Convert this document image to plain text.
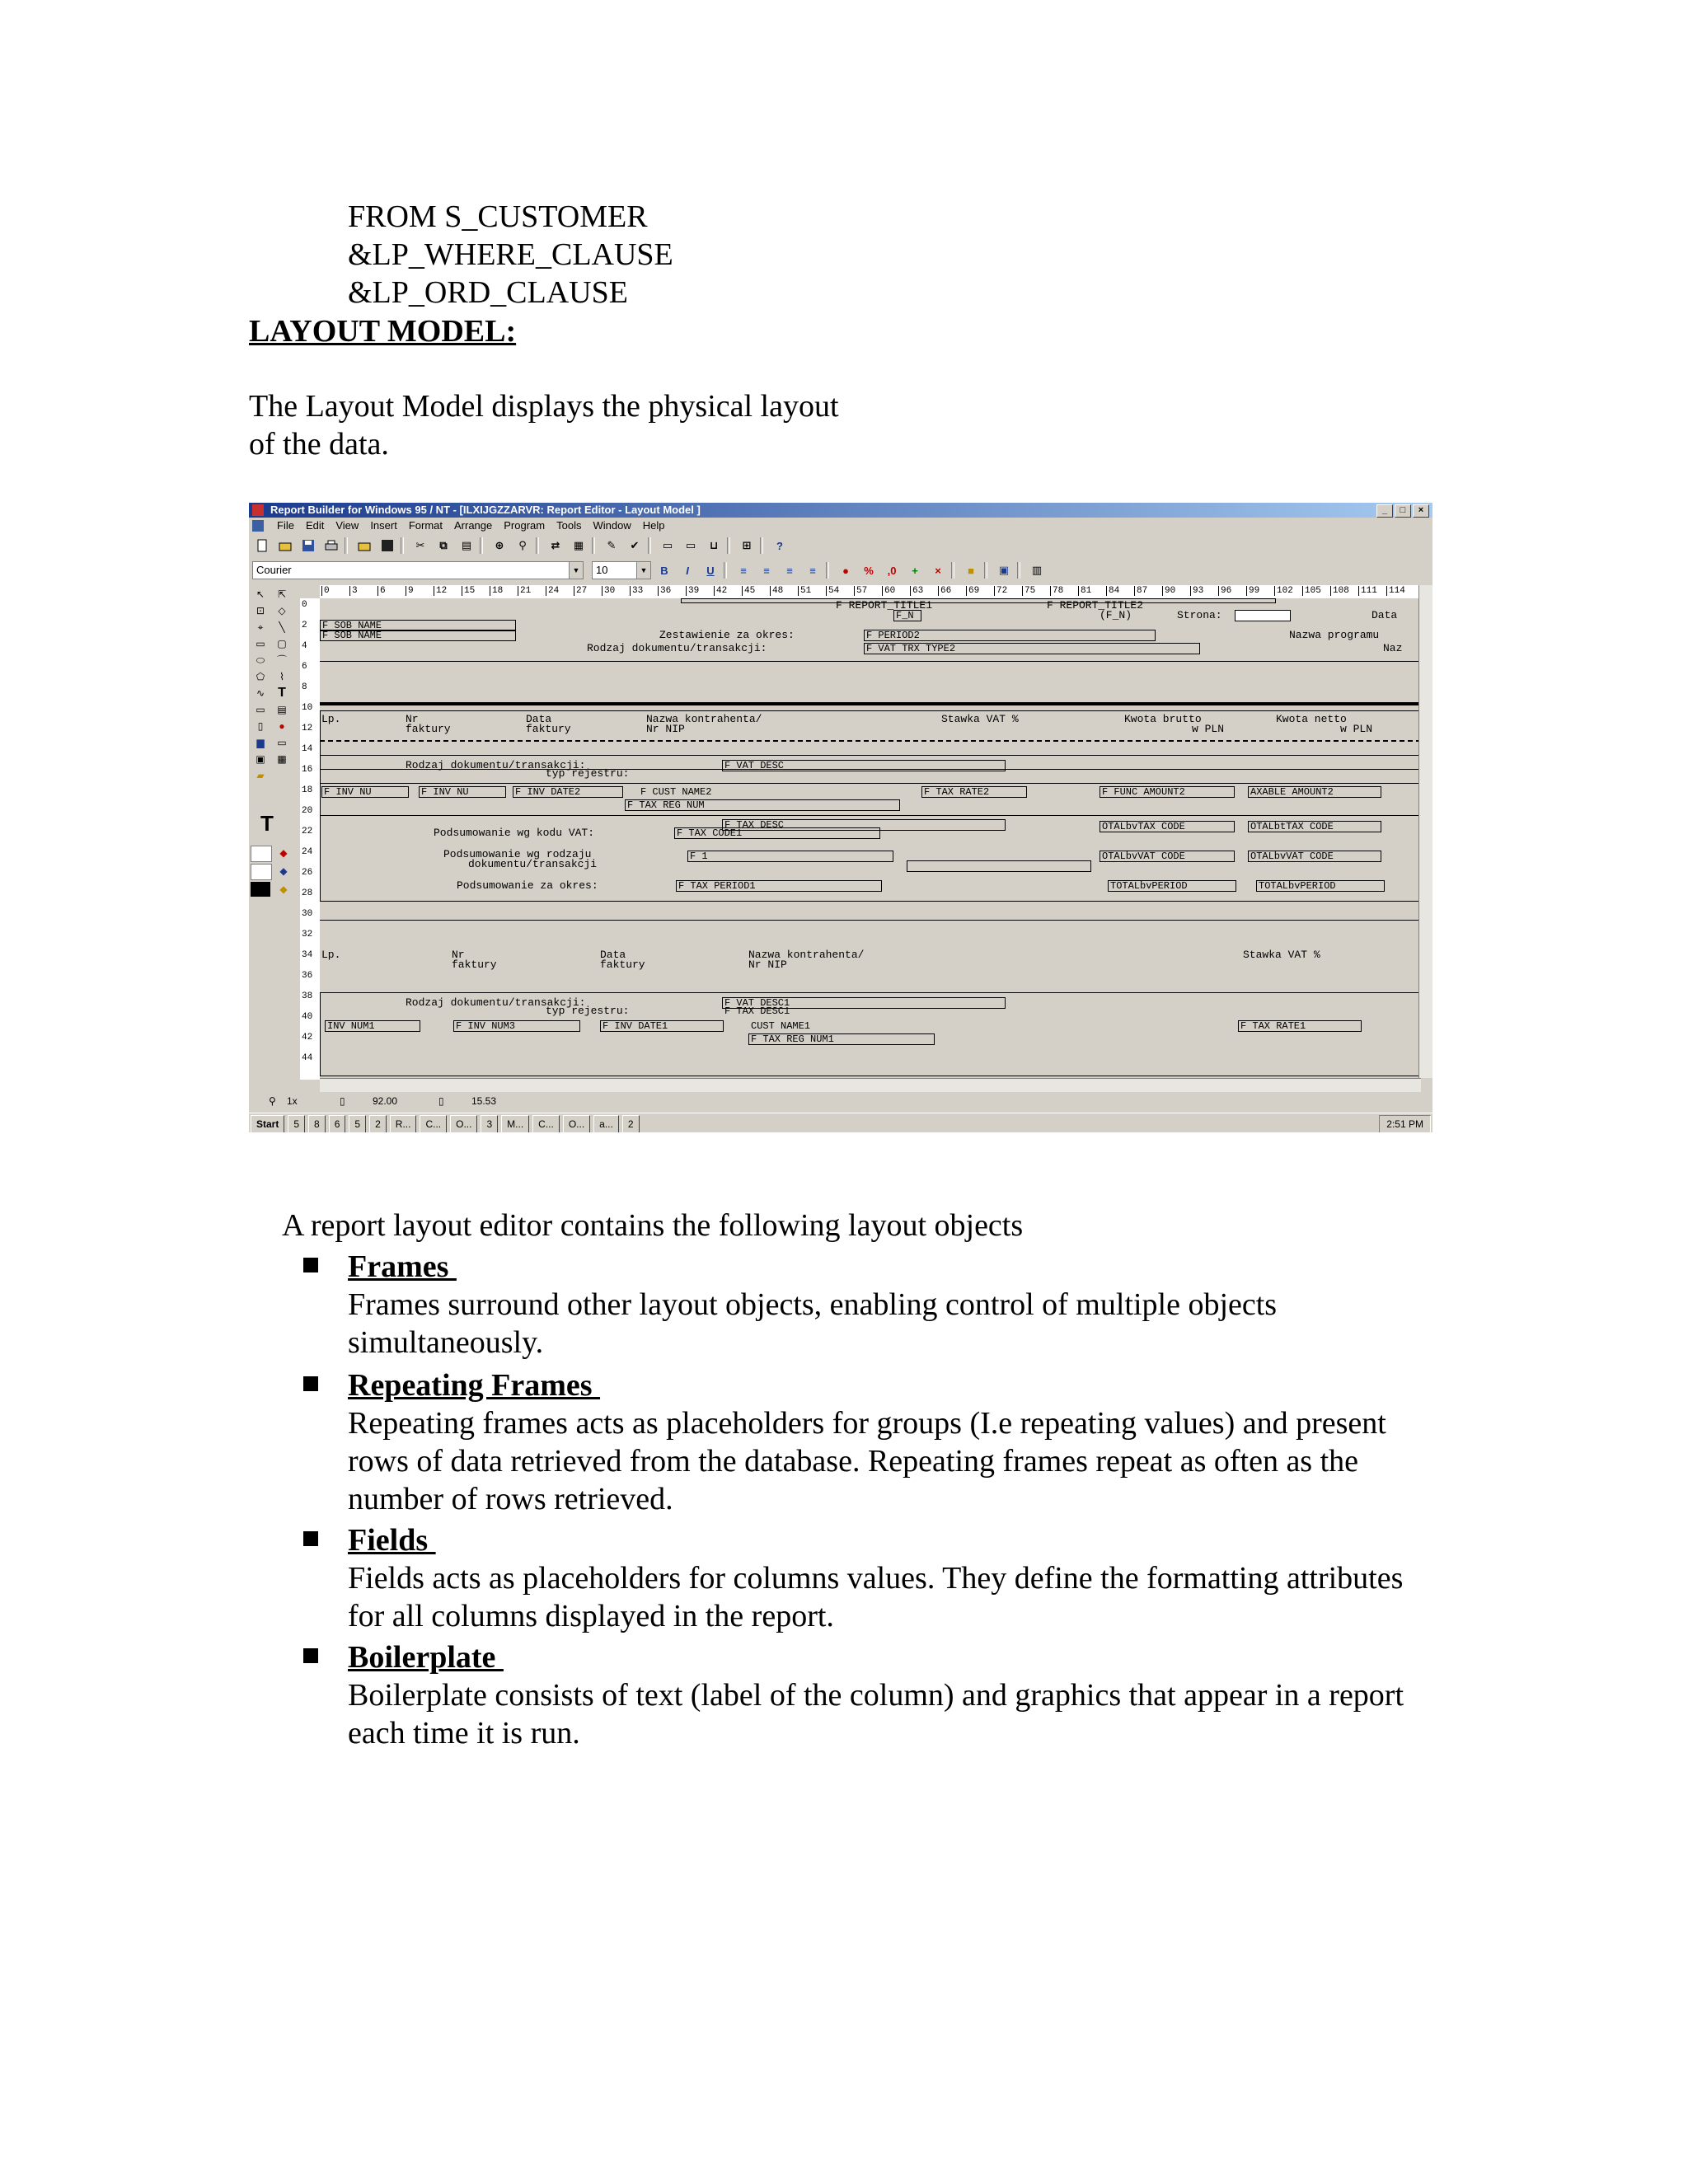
FROM S_CUSTOMER
&LP_WHERE_CLAUSE
&LP_ORD_CLAUSE
LAYOUT MODEL:
The Layout Model displays the physical layout
of the data.
Report Builder for Windows 95 / NT - [ILXIJGZZARVR: Report Editor - Layout Model ]	_	□	×
File Edit View Insert Format Arrange Program Tools Window Help
✂	⧉	▤	⊕	⚲	⇄	▦	✎	✔	▭	▭	⊔	⊞	?
Courier	▼	10	▼	B	I	U	≡	≡	≡	≡	●	%	,0	+	×	■	▣	▥
↖	⇱
⊡	◇
⌖	╲
▭	▢
⬭	⌒
⬠	⌇
∿	T
▭	▤
▯	●
▆	▭
▣	▦
▰
T
◆
◆
◆
0 3 6 9 12 15 18 21 24 27 30 33 36 39 42 45 48 51 54 57 60 63 66 69 72 75 78 81 84 87 90 93 96 99 102 105 108 111 114
0
2
4
6
8
10
12
14
16
18
20
22
24
26
28
30
32
34
36
38
40
42
44
F REPORT_TITLE1	F REPORT_TITLE2
F_N	(F_N)	Strona:	Data
F SOB NAME
F SOB NAME	Zestawienie za okres:	F PERIOD2	Nazwa programu
Rodzaj dokumentu/transakcji:	F VAT TRX TYPE2	Naz
Lp.	Nr
faktury
Data
faktury
Nazwa kontrahenta/
Nr NIP
Stawka VAT %	Kwota brutto
w PLN
Kwota netto
w PLN
Rodzaj dokumentu/transakcji:
typ rejestru:
F VAT DESC
F INV NU	F INV NU	F INV DATE2	F CUST NAME2	F TAX RATE2	F FUNC AMOUNT2	AXABLE AMOUNT2
F TAX REG NUM
F TAX DESC
Podsumowanie wg kodu VAT:	F TAX CODE1
OTALbvTAX CODE	OTALbtTAX CODE
Podsumowanie wg rodzaju
dokumentu/transakcji
F 1	OTALbvVAT CODE	OTALbvVAT CODE
Podsumowanie za okres:	F TAX PERIOD1	TOTALbvPERIOD	TOTALbvPERIOD
Lp.	Nr
faktury
Data
faktury
Nazwa kontrahenta/
Nr NIP
Stawka VAT %
Rodzaj dokumentu/transakcji:
typ rejestru:
F VAT DESC1
F TAX DESC1
INV NUM1	F INV NUM3	F INV DATE1	CUST NAME1	F TAX RATE1
F TAX REG NUM1
⚲ 1x	▯	92.00	▯	15.53
Start	5	8	6	5	2	R...	C...	O...	3	M...	C...	O...	a...	2	2:51 PM
A report layout editor contains the following layout objects
Frames
Frames surround other layout objects, enabling control of multiple objects simultaneously.
Repeating Frames
Repeating frames acts as placeholders for groups (I.e repeating values) and present rows of data retrieved from the database. Repeating frames repeat as often as the number of rows retrieved.
Fields
Fields acts as placeholders for columns values. They define the formatting attributes for all columns displayed in the report.
Boilerplate
Boilerplate consists of text (label of the column) and graphics that appear in a report each time it is run.
